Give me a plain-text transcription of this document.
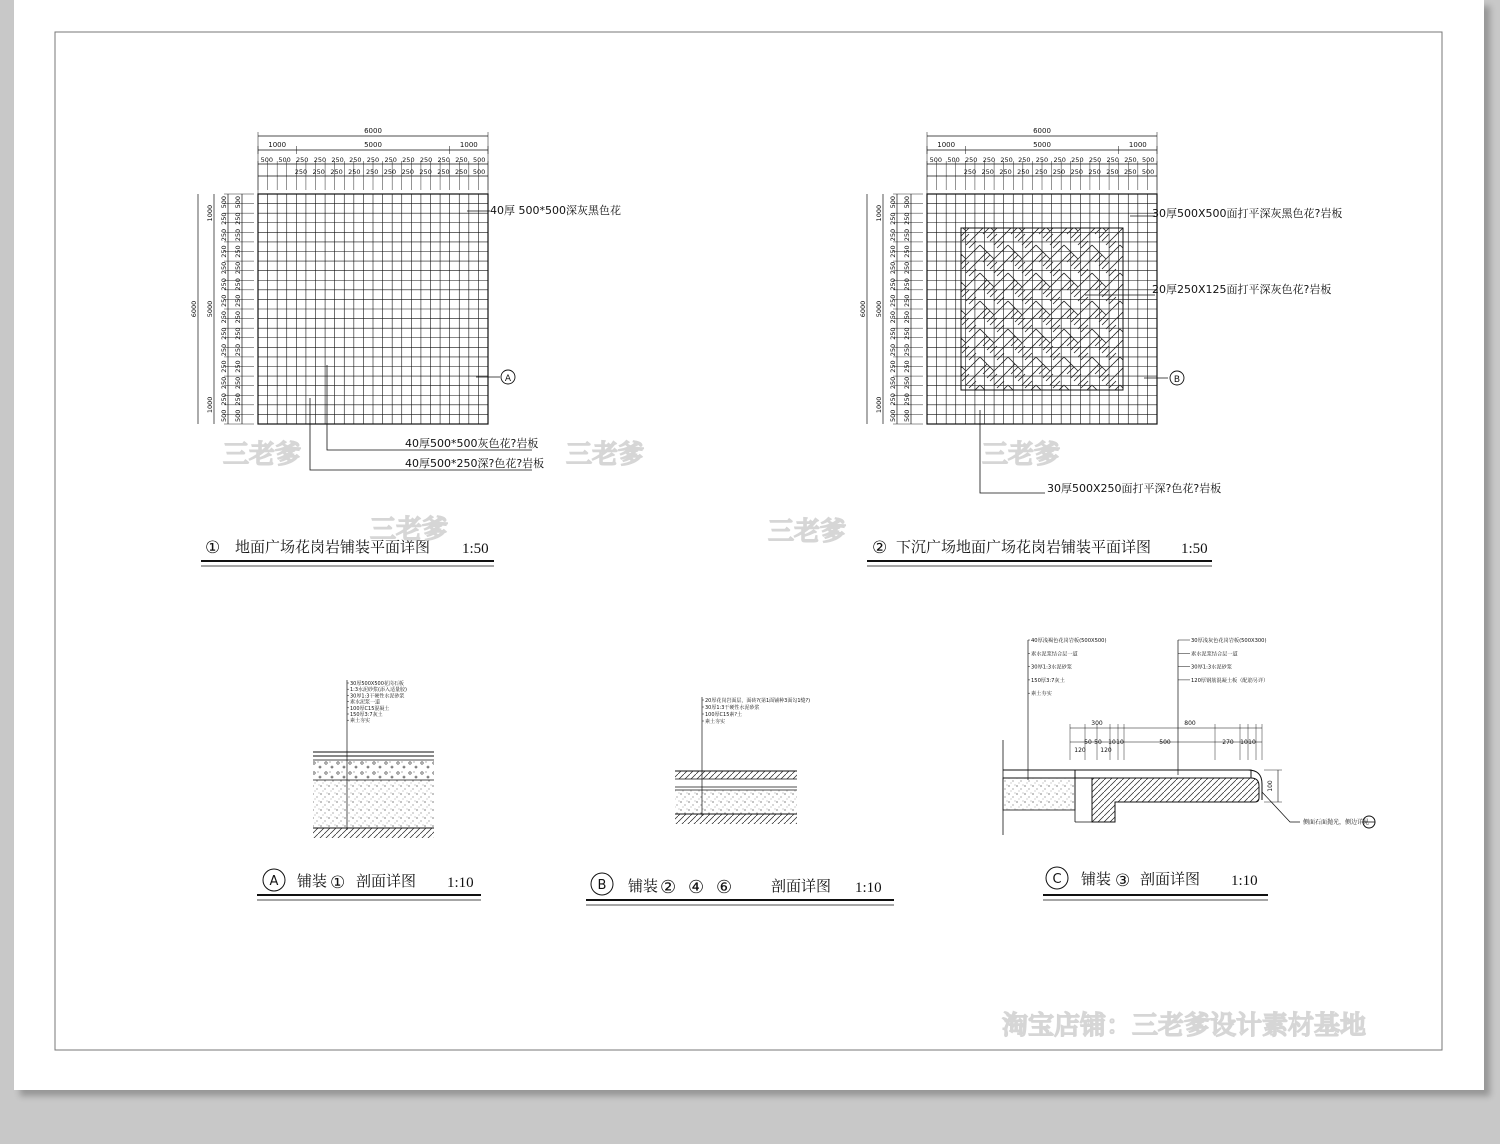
6000
1000	5000	1000
500 500 250 250 250 250 250 250 250 250 250 250 500
250 250 250 250 250 250 250 250 250 250 500
6000
1000
5000
1000
500 500
250 250
250 250
250 250
250 250
250 250
250 250
250 250
250 250
250 250
250 250
250 250
250 250
500 500
40厚 500*500深灰黑色花
40厚500*500灰色花?岩板
40厚500*250深?色花?岩板
A
① 地面广场花岗岩铺装平面详图 1:50
6000
1000	5000	1000
500 500 250 250 250 250 250 250 250 250 250 250 500
250 250 250 250 250 250 250 250 250 250 500
6000
1000
5000
1000
500 500
250 250
250 250
250 250
250 250
250 250
250 250
250 250
250 250
250 250
250 250
250 250
250 250
500 500
30厚500X500面打平深灰黑色花?岩板
20厚250X125面打平深灰色花?岩板
30厚500X250面打平深?色花?岩板
B
② 下沉广场地面广场花岗岩铺装平面详图 1:50
30厚500X500花岗石板
1:3水泥砂浆(添入适量胶)
30厚1:3干硬性水泥砂浆
素水泥浆一道
100厚C15混凝土
150厚3:7灰土
素土夯实
A 铺装 ① 剖面详图 1:10
20厚花岗岩面层，面砖?(第1面铺种3面勾1缝?)
30厚1:3干硬性水泥砂浆
100厚C15素?土
素土夯实
B 铺装 ② ④ ⑥	剖面详图 1:10
40厚浅褐色花岗岩板(500X500)
素水泥浆结合层一道
30厚1:3水泥砂浆
150厚3:7灰土
素土夯实
30厚浅灰色花岗岩板(500X300)
素水泥浆结合层一道
30厚1:3水泥砂浆
120厚钢筋混凝土板（配筋另详）
300	800
50 50 10 10	500	270 10 10
120 120
100
侧面石面抛光，侧边详见
C 铺装 ③ 剖面详图 1:10
三老爹	三老爹
三老爹	三老爹
三老爹
淘宝店铺：三老爹设计素材基地
